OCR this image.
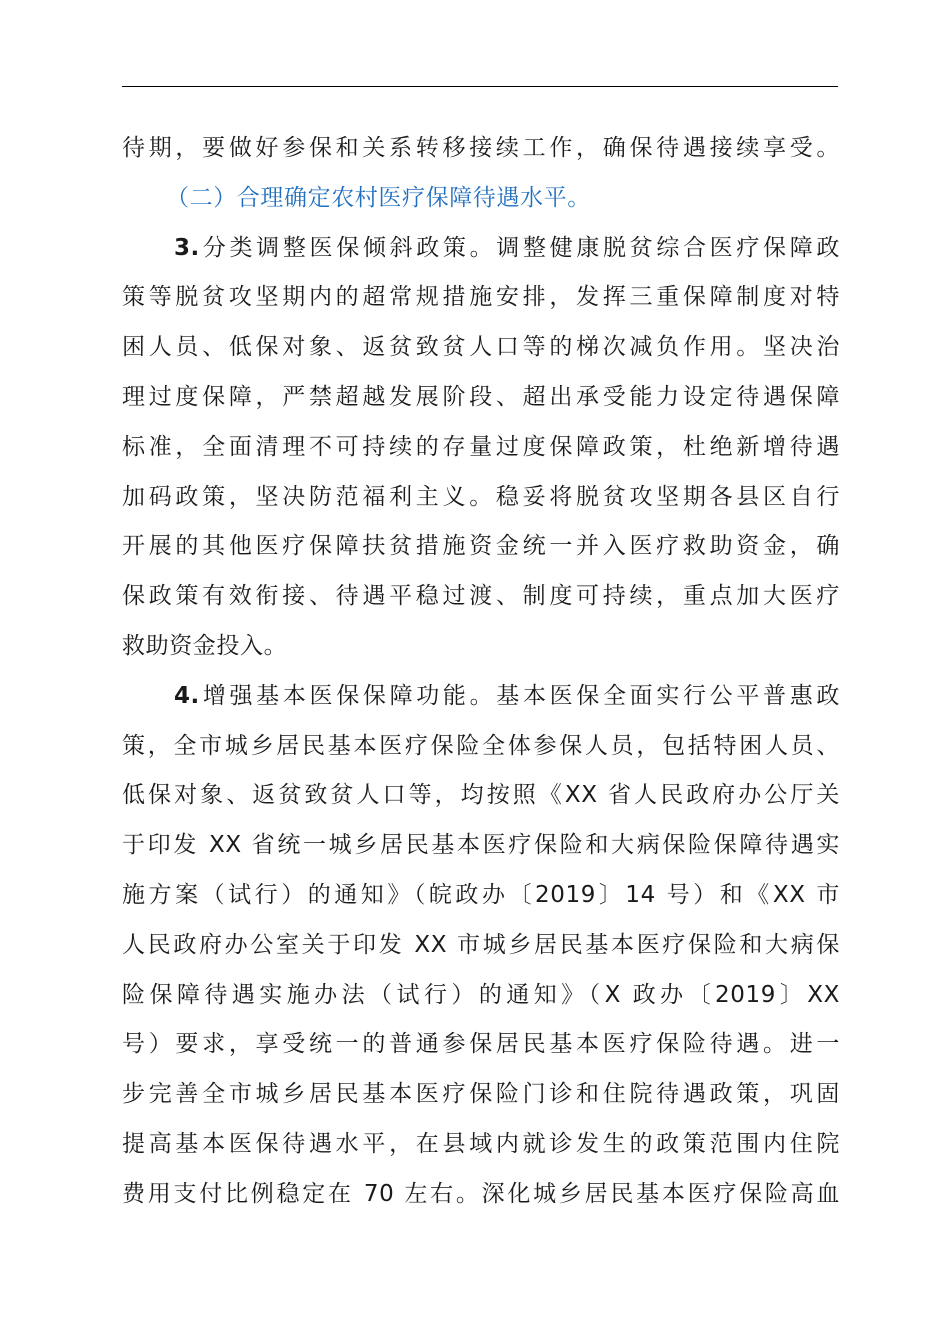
待期，要做好参保和关系转移接续工作，确保待遇接续享受。
（二）合理确定农村医疗保障待遇水平。
3.分类调整医保倾斜政策。调整健康脱贫综合医疗保障政
策等脱贫攻坚期内的超常规措施安排，发挥三重保障制度对特
困人员、低保对象、返贫致贫人口等的梯次减负作用。坚决治
理过度保障，严禁超越发展阶段、超出承受能力设定待遇保障
标准，全面清理不可持续的存量过度保障政策，杜绝新增待遇
加码政策，坚决防范福利主义。稳妥将脱贫攻坚期各县区自行
开展的其他医疗保障扶贫措施资金统一并入医疗救助资金，确
保政策有效衔接、待遇平稳过渡、制度可持续，重点加大医疗
救助资金投入。
4.增强基本医保保障功能。基本医保全面实行公平普惠政
策，全市城乡居民基本医疗保险全体参保人员，包括特困人员、
低保对象、返贫致贫人口等，均按照《XX 省人民政府办公厅关
于印发 XX 省统一城乡居民基本医疗保险和大病保险保障待遇实
施方案（试行）的通知》（皖政办〔2019〕14 号）和《XX 市
人民政府办公室关于印发 XX 市城乡居民基本医疗保险和大病保
险保障待遇实施办法（试行）的通知》（X 政办〔2019〕XX
号）要求，享受统一的普通参保居民基本医疗保险待遇。进一
步完善全市城乡居民基本医疗保险门诊和住院待遇政策，巩固
提高基本医保待遇水平，在县域内就诊发生的政策范围内住院
费用支付比例稳定在 70 左右。深化城乡居民基本医疗保险高血
